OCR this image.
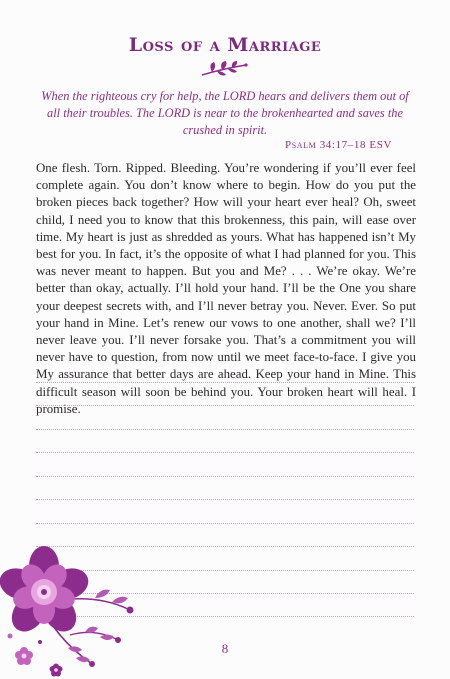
Loss of a Marriage
When the righteous cry for help, the LORD hears and delivers them out of all their troubles. The LORD is near to the brokenhearted and saves the crushed in spirit.
Psalm 34:17–18 ESV
One flesh. Torn. Ripped. Bleeding. You’re wondering if you’ll ever feel complete again. You don’t know where to begin. How do you put the broken pieces back together? How will your heart ever heal? Oh, sweet child, I need you to know that this brokenness, this pain, will ease over time. My heart is just as shredded as yours. What has happened isn’t My best for you. In fact, it’s the opposite of what I had planned for you. This was never meant to happen. But you and Me? . . . We’re okay. We’re better than okay, actually. I’ll hold your hand. I’ll be the One you share your deepest secrets with, and I’ll never betray you. Never. Ever. So put your hand in Mine. Let’s renew our vows to one another, shall we? I’ll never leave you. I’ll never forsake you. That’s a commitment you will never have to question, from now until we meet face-to-face. I give you My assurance that better days are ahead. Keep your hand in Mine. This difficult season will soon be behind you. Your broken heart will heal. I promise.
8
